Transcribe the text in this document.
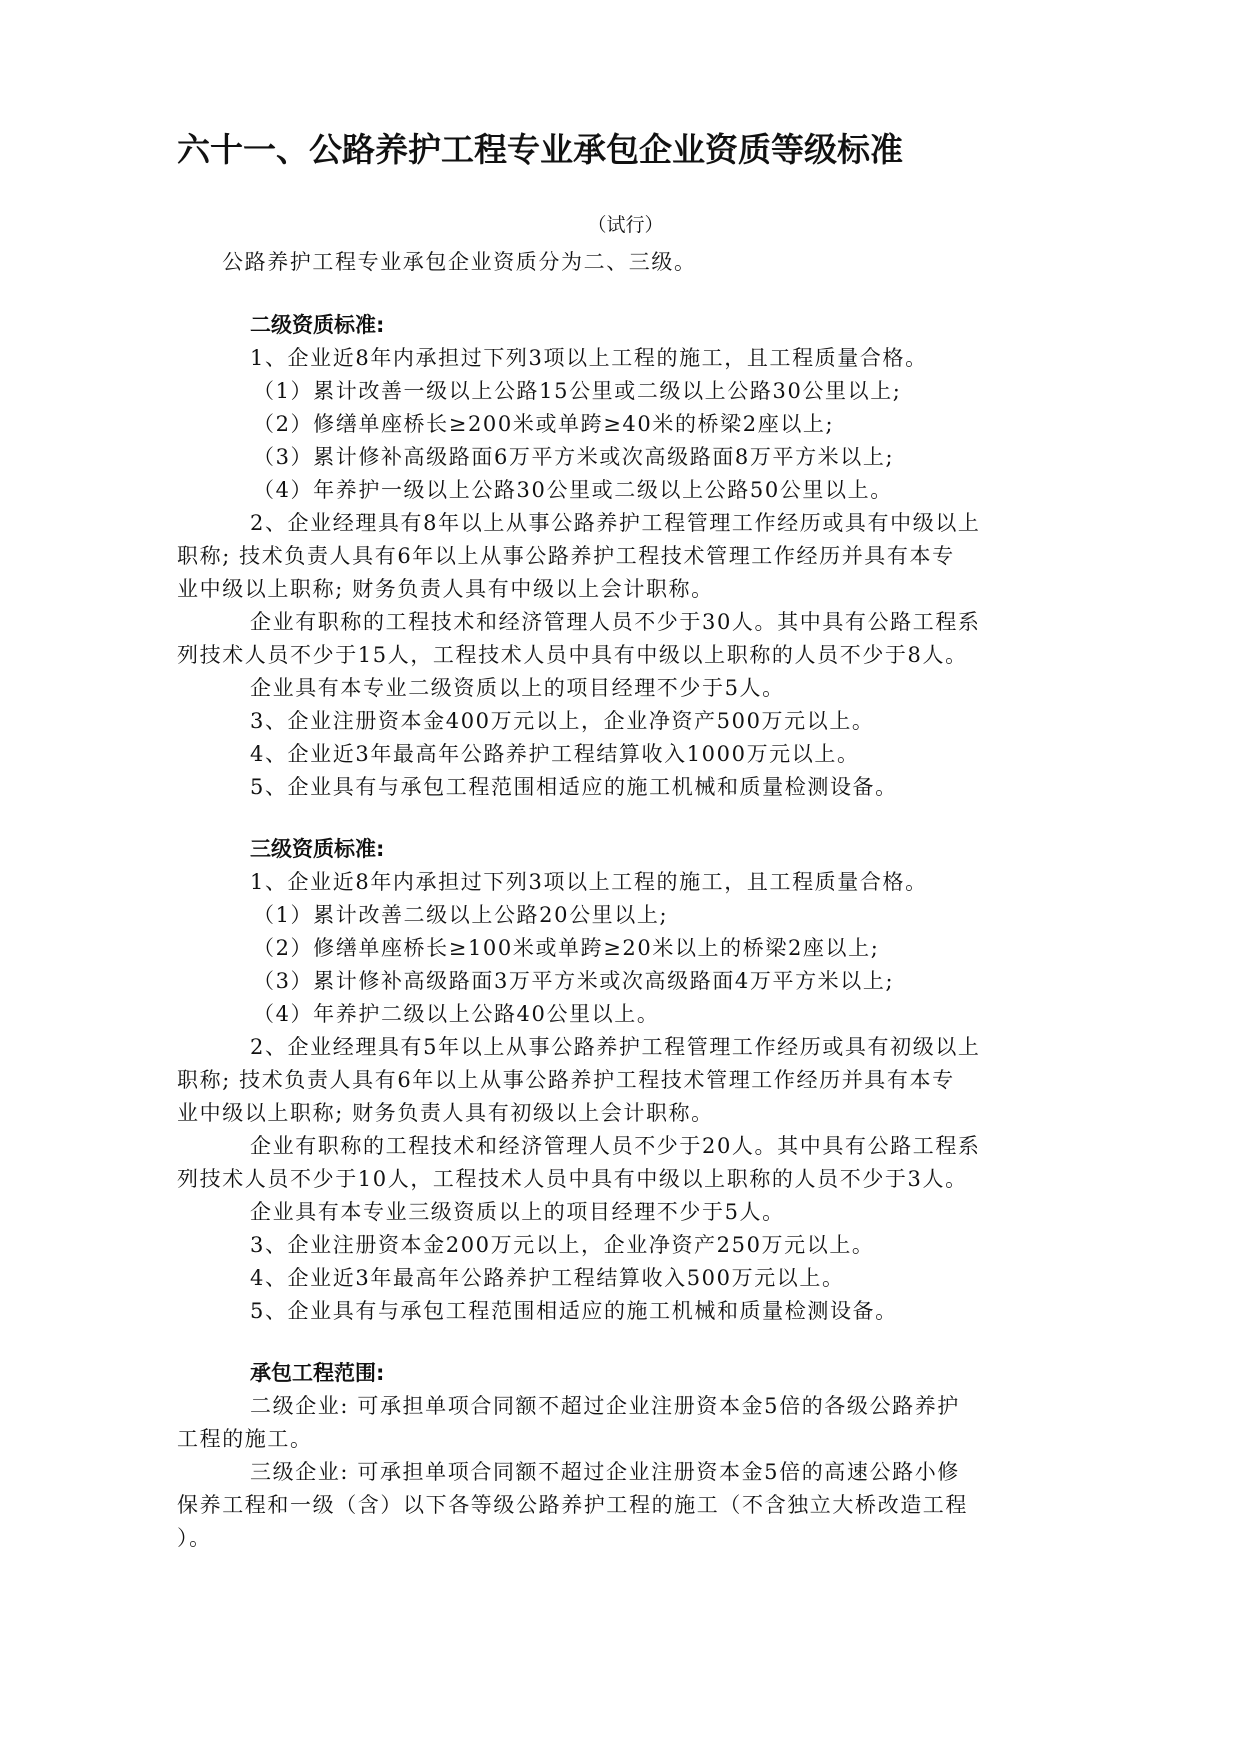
六十一、公路养护工程专业承包企业资质等级标准
（试行）
公路养护工程专业承包企业资质分为二、三级。
二级资质标准:
1、企业近8年内承担过下列3项以上工程的施工，且工程质量合格。
（1）累计改善一级以上公路15公里或二级以上公路30公里以上;
（2）修缮单座桥长≥200米或单跨≥40米的桥梁2座以上;
（3）累计修补高级路面6万平方米或次高级路面8万平方米以上;
（4）年养护一级以上公路30公里或二级以上公路50公里以上。
2、企业经理具有8年以上从事公路养护工程管理工作经历或具有中级以上
职称; 技术负责人具有6年以上从事公路养护工程技术管理工作经历并具有本专
业中级以上职称; 财务负责人具有中级以上会计职称。
企业有职称的工程技术和经济管理人员不少于30人。其中具有公路工程系
列技术人员不少于15人，工程技术人员中具有中级以上职称的人员不少于8人。
企业具有本专业二级资质以上的项目经理不少于5人。
3、企业注册资本金400万元以上，企业净资产500万元以上。
4、企业近3年最高年公路养护工程结算收入1000万元以上。
5、企业具有与承包工程范围相适应的施工机械和质量检测设备。
三级资质标准:
1、企业近8年内承担过下列3项以上工程的施工，且工程质量合格。
（1）累计改善二级以上公路20公里以上;
（2）修缮单座桥长≥100米或单跨≥20米以上的桥梁2座以上;
（3）累计修补高级路面3万平方米或次高级路面4万平方米以上;
（4）年养护二级以上公路40公里以上。
2、企业经理具有5年以上从事公路养护工程管理工作经历或具有初级以上
职称; 技术负责人具有6年以上从事公路养护工程技术管理工作经历并具有本专
业中级以上职称; 财务负责人具有初级以上会计职称。
企业有职称的工程技术和经济管理人员不少于20人。其中具有公路工程系
列技术人员不少于10人，工程技术人员中具有中级以上职称的人员不少于3人。
企业具有本专业三级资质以上的项目经理不少于5人。
3、企业注册资本金200万元以上，企业净资产250万元以上。
4、企业近3年最高年公路养护工程结算收入500万元以上。
5、企业具有与承包工程范围相适应的施工机械和质量检测设备。
承包工程范围:
二级企业: 可承担单项合同额不超过企业注册资本金5倍的各级公路养护
工程的施工。
三级企业: 可承担单项合同额不超过企业注册资本金5倍的高速公路小修
保养工程和一级（含）以下各等级公路养护工程的施工（不含独立大桥改造工程
）。
